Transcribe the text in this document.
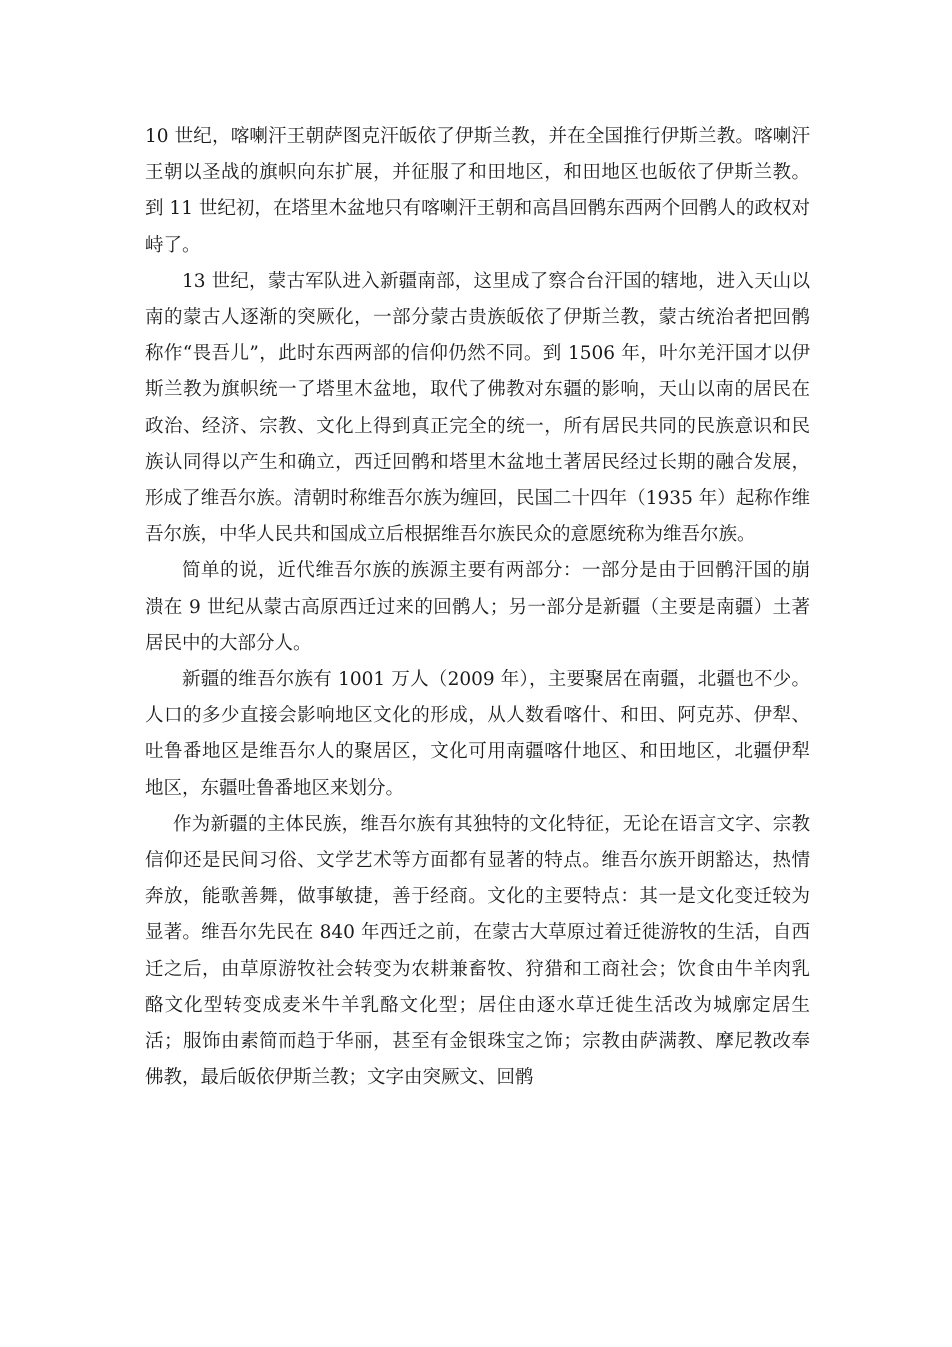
10 世纪，喀喇汗王朝萨图克汗皈依了伊斯兰教，并在全国推行伊斯兰教。喀喇汗王朝以圣战的旗帜向东扩展，并征服了和田地区，和田地区也皈依了伊斯兰教。到 11 世纪初，在塔里木盆地只有喀喇汗王朝和高昌回鹘东西两个回鹘人的政权对峙了。

13 世纪，蒙古军队进入新疆南部，这里成了察合台汗国的辖地，进入天山以南的蒙古人逐渐的突厥化，一部分蒙古贵族皈依了伊斯兰教，蒙古统治者把回鹘称作“畏吾儿”，此时东西两部的信仰仍然不同。到 1506 年，叶尔羌汗国才以伊斯兰教为旗帜统一了塔里木盆地，取代了佛教对东疆的影响，天山以南的居民在政治、经济、宗教、文化上得到真正完全的统一，所有居民共同的民族意识和民族认同得以产生和确立，西迁回鹘和塔里木盆地土著居民经过长期的融合发展，形成了维吾尔族。清朝时称维吾尔族为缠回，民国二十四年（1935 年）起称作维吾尔族，中华人民共和国成立后根据维吾尔族民众的意愿统称为维吾尔族。

简单的说，近代维吾尔族的族源主要有两部分：一部分是由于回鹘汗国的崩溃在 9 世纪从蒙古高原西迁过来的回鹘人；另一部分是新疆（主要是南疆）土著居民中的大部分人。

新疆的维吾尔族有 1001 万人（2009 年），主要聚居在南疆，北疆也不少。人口的多少直接会影响地区文化的形成，从人数看喀什、和田、阿克苏、伊犁、吐鲁番地区是维吾尔人的聚居区，文化可用南疆喀什地区、和田地区，北疆伊犁地区，东疆吐鲁番地区来划分。

作为新疆的主体民族，维吾尔族有其独特的文化特征，无论在语言文字、宗教信仰还是民间习俗、文学艺术等方面都有显著的特点。维吾尔族开朗豁达，热情奔放，能歌善舞，做事敏捷，善于经商。文化的主要特点：其一是文化变迁较为显著。维吾尔先民在 840 年西迁之前，在蒙古大草原过着迁徙游牧的生活，自西迁之后，由草原游牧社会转变为农耕兼畜牧、狩猎和工商社会；饮食由牛羊肉乳酪文化型转变成麦米牛羊乳酪文化型；居住由逐水草迁徙生活改为城廓定居生活；服饰由素简而趋于华丽，甚至有金银珠宝之饰；宗教由萨满教、摩尼教改奉佛教，最后皈依伊斯兰教；文字由突厥文、回鹘
